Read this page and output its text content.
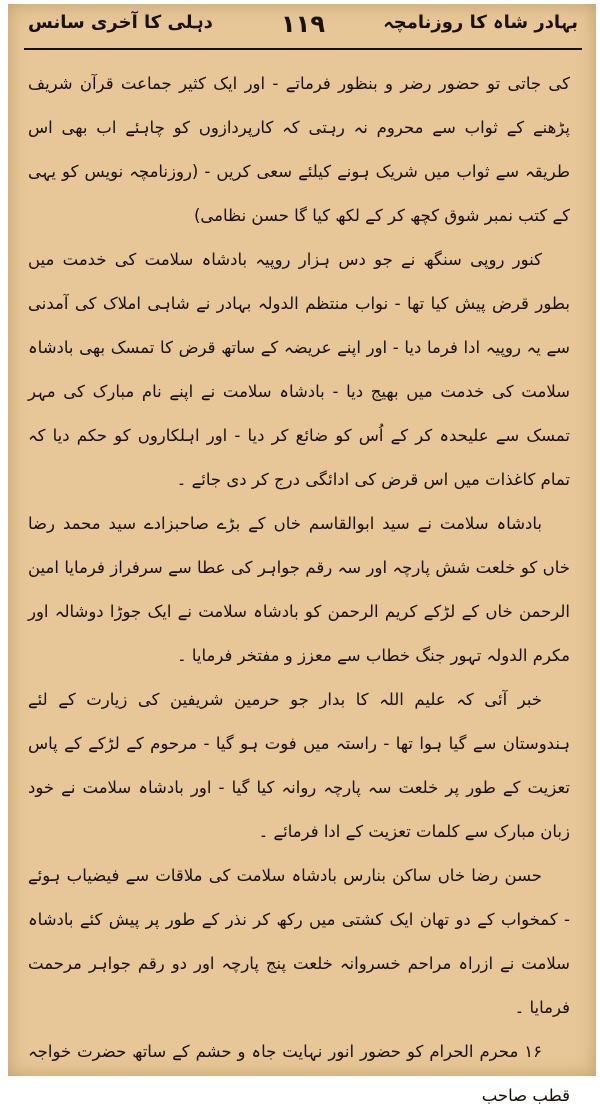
بہادر شاہ کا روزنامچہ
۱۱۹
دہلی کا آخری سانس

کی جاتی تو حضور رضر و بنظور فرماتے - اور ایک کثیر جماعت قرآن شریف پڑھنے کے ثواب سے محروم نہ رہتی کہ کارپردازوں کو چاہئے اب بھی اس طریقہ سے ثواب میں شریک ہونے کیلئے سعی کریں - (روزنامچہ نویس کو یہی کے کتب نمبر شوق کچھ کر کے لکھ کیا گا حسن نظامی)

کنور روپی سنگھ نے جو دس ہزار روپیہ بادشاہ سلامت کی خدمت میں بطور قرض پیش کیا تھا - نواب منتظم الدولہ بہادر نے شاہی املاک کی آمدنی سے یہ روپیہ ادا فرما دیا - اور اپنے عریضہ کے ساتھ قرض کا تمسک بھی بادشاہ سلامت کی خدمت میں بھیج دیا - بادشاہ سلامت نے اپنے نام مبارک کی مہر تمسک سے علیحدہ کر کے اُس کو ضائع کر دیا - اور اہلکاروں کو حکم دیا کہ تمام کاغذات میں اس قرض کی ادائگی درج کر دی جائے ۔

بادشاہ سلامت نے سید ابوالقاسم خاں کے بڑے صاحبزادے سید محمد رضا خاں کو خلعت شش پارچہ اور سہ رقم جواہر کی عطا سے سرفراز فرمایا امین الرحمن خاں کے لڑکے کریم الرحمن کو بادشاہ سلامت نے ایک جوڑا دوشالہ اور مکرم الدولہ تہور جنگ خطاب سے معزز و مفتخر فرمایا ۔

خبر آئی کہ علیم اللہ کا بدار جو حرمین شریفین کی زیارت کے لئے ہندوستان سے گیا ہوا تھا - راستہ میں فوت ہو گیا - مرحوم کے لڑکے کے پاس تعزیت کے طور پر خلعت سہ پارچہ روانہ کیا گیا - اور بادشاہ سلامت نے خود زبان مبارک سے کلمات تعزیت کے ادا فرمائے ۔

حسن رضا خاں ساکن بنارس بادشاہ سلامت کی ملاقات سے فیضیاب ہوئے - کمخواب کے دو تھان ایک کشتی میں رکھ کر نذر کے طور پر پیش کئے بادشاہ سلامت نے ازراہ مراحم خسروانہ خلعت پنج پارچہ اور دو رقم جواہر مرحمت فرمایا ۔

۱۶ محرم الحرام کو حضور انور نہایت جاہ و حشم کے ساتھ حضرت خواجہ قطب صاحب
